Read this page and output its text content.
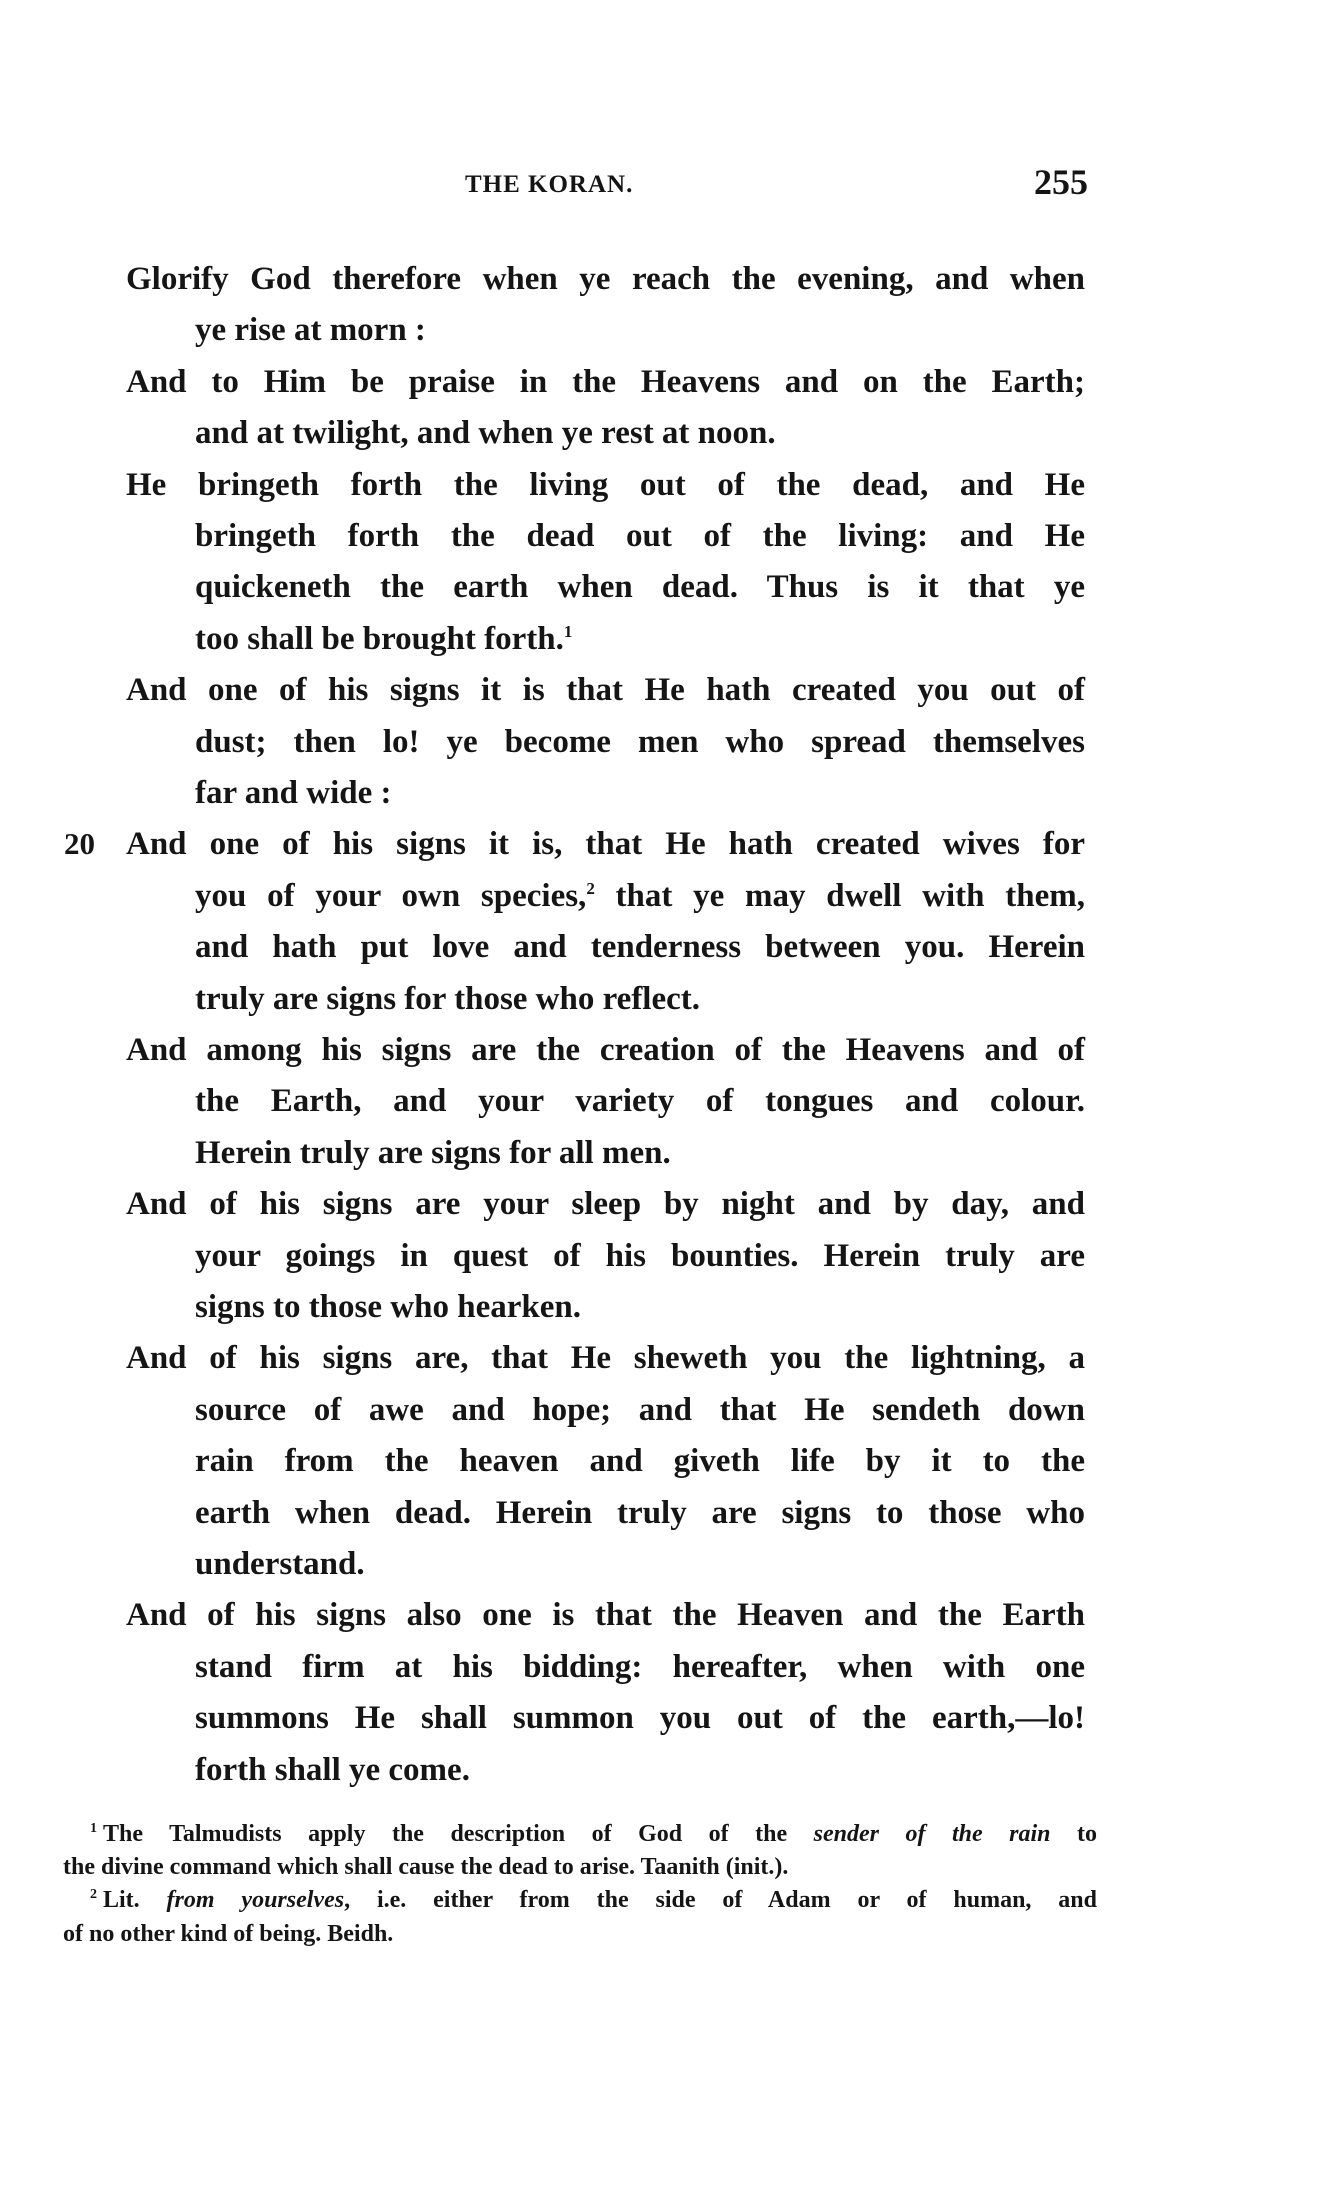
THE KORAN.	255
Glorify God therefore when ye reach the evening, and when
ye rise at morn :
And to Him be praise in the Heavens and on the Earth;
and at twilight, and when ye rest at noon.
He bringeth forth the living out of the dead, and He
bringeth forth the dead out of the living: and He
quickeneth the earth when dead. Thus is it that ye
too shall be brought forth.$^1$
And one of his signs it is that He hath created you out of
dust; then lo! ye become men who spread themselves
far and wide :
And one of his signs it is, that He hath created wives for
20
you of your own species,$^2$ that ye may dwell with them,
and hath put love and tenderness between you. Herein
truly are signs for those who reflect.
And among his signs are the creation of the Heavens and of
the Earth, and your variety of tongues and colour.
Herein truly are signs for all men.
And of his signs are your sleep by night and by day, and
your goings in quest of his bounties. Herein truly are
signs to those who hearken.
And of his signs are, that He sheweth you the lightning, a
source of awe and hope; and that He sendeth down
rain from the heaven and giveth life by it to the
earth when dead. Herein truly are signs to those who
understand.
And of his signs also one is that the Heaven and the Earth
stand firm at his bidding: hereafter, when with one
summons He shall summon you out of the earth,—lo!
forth shall ye come.
$^1$ The Talmudists apply the description of God of the sender of the rain to
the divine command which shall cause the dead to arise. Taanith (init.).
$^2$ Lit. from yourselves, i.e. either from the side of Adam or of human, and
of no other kind of being. Beidh.
